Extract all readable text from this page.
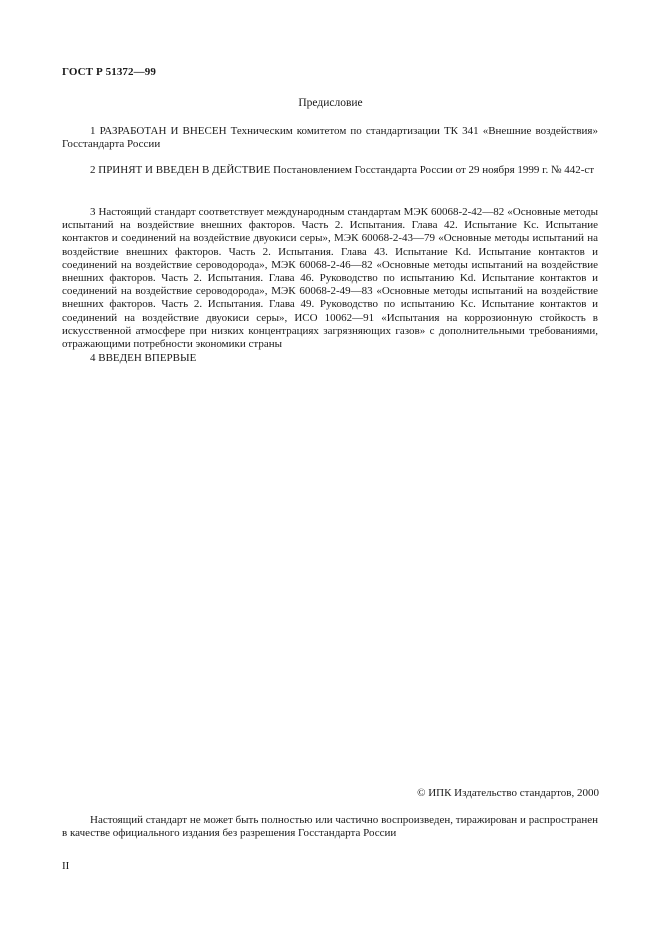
ГОСТ Р 51372—99
Предисловие

1 РАЗРАБОТАН И ВНЕСЕН Техническим комитетом по стандартизации ТК 341 «Внешние воздействия» Госстандарта России

2 ПРИНЯТ И ВВЕДЕН В ДЕЙСТВИЕ Постановлением Госстандарта России от 29 ноября 1999 г. № 442-ст

3 Настоящий стандарт соответствует международным стандартам МЭК 60068-2-42—82 «Основные методы испытаний на воздействие внешних факторов. Часть 2. Испытания. Глава 42. Испытание Kc. Испытание контактов и соединений на воздействие двуокиси серы», МЭК 60068-2-43—79 «Основные методы испытаний на воздействие внешних факторов. Часть 2. Испытания. Глава 43. Испытание Kd. Испытание контактов и соединений на воздействие сероводорода», МЭК 60068-2-46—82 «Основные методы испытаний на воздействие внешних факторов. Часть 2. Испытания. Глава 46. Руководство по испытанию Kd. Испытание контактов и соединений на воздействие сероводорода», МЭК 60068-2-49—83 «Основные методы испытаний на воздействие внешних факторов. Часть 2. Испытания. Глава 49. Руководство по испытанию Kc. Испытание контактов и соединений на воздействие двуокиси серы», ИСО 10062—91 «Испытания на коррозионную стойкость в искусственной атмосфере при низких концентрациях загрязняющих газов» с дополнительными требованиями, отражающими потребности экономики страны

4 ВВЕДЕН ВПЕРВЫЕ

© ИПК Издательство стандартов, 2000

Настоящий стандарт не может быть полностью или частично воспроизведен, тиражирован и распространен в качестве официального издания без разрешения Госстандарта России

II
